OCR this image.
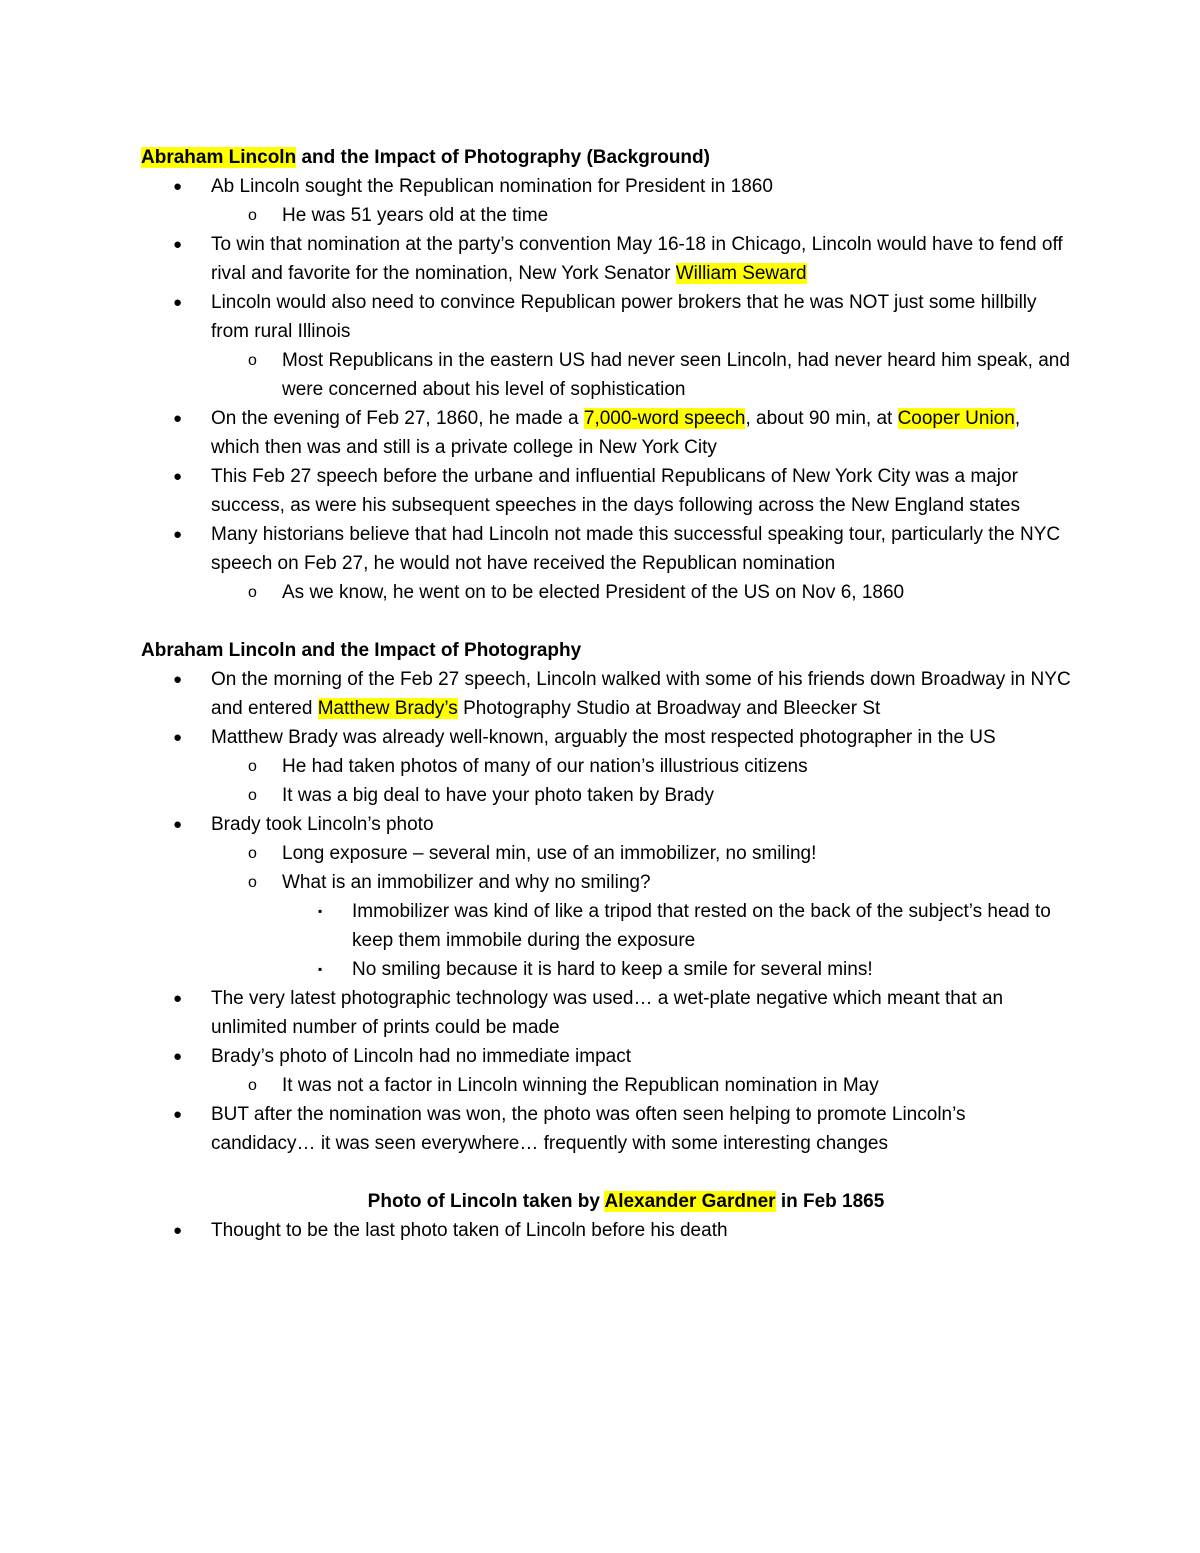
Abraham Lincoln and the Impact of Photography (Background)
● Ab Lincoln sought the Republican nomination for President in 1860
o He was 51 years old at the time
● To win that nomination at the party’s convention May 16-18 in Chicago, Lincoln would have to fend off rival and favorite for the nomination, New York Senator William Seward
● Lincoln would also need to convince Republican power brokers that he was NOT just some hillbilly from rural Illinois
o Most Republicans in the eastern US had never seen Lincoln, had never heard him speak, and were concerned about his level of sophistication
● On the evening of Feb 27, 1860, he made a 7,000-word speech, about 90 min, at Cooper Union, which then was and still is a private college in New York City
● This Feb 27 speech before the urbane and influential Republicans of New York City was a major success, as were his subsequent speeches in the days following across the New England states
● Many historians believe that had Lincoln not made this successful speaking tour, particularly the NYC speech on Feb 27, he would not have received the Republican nomination
o As we know, he went on to be elected President of the US on Nov 6, 1860
Abraham Lincoln and the Impact of Photography
● On the morning of the Feb 27 speech, Lincoln walked with some of his friends down Broadway in NYC and entered Matthew Brady’s Photography Studio at Broadway and Bleecker St
● Matthew Brady was already well-known, arguably the most respected photographer in the US
o He had taken photos of many of our nation’s illustrious citizens
o It was a big deal to have your photo taken by Brady
● Brady took Lincoln’s photo
o Long exposure – several min, use of an immobilizer, no smiling!
o What is an immobilizer and why no smiling?
▪ Immobilizer was kind of like a tripod that rested on the back of the subject’s head to keep them immobile during the exposure
▪ No smiling because it is hard to keep a smile for several mins!
● The very latest photographic technology was used… a wet-plate negative which meant that an unlimited number of prints could be made
● Brady’s photo of Lincoln had no immediate impact
o It was not a factor in Lincoln winning the Republican nomination in May
● BUT after the nomination was won, the photo was often seen helping to promote Lincoln’s candidacy… it was seen everywhere… frequently with some interesting changes
Photo of Lincoln taken by Alexander Gardner in Feb 1865
● Thought to be the last photo taken of Lincoln before his death
